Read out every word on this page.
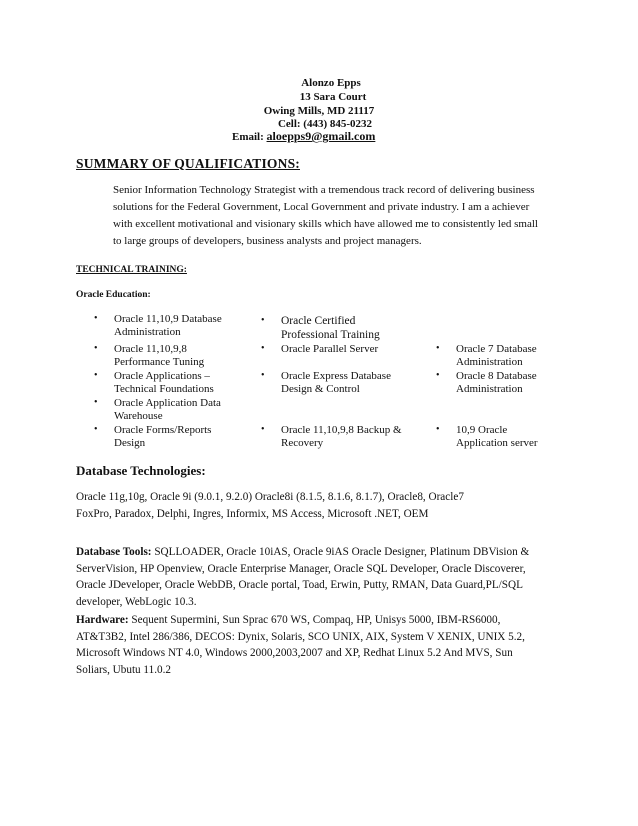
Alonzo Epps
13 Sara Court
Owing Mills, MD 21117
Cell: (443) 845-0232
Email: aloepps9@gmail.com
SUMMARY OF QUALIFICATIONS:
Senior Information Technology Strategist with a tremendous track record of delivering business
solutions for the Federal Government, Local Government and private industry. I am a achiever
with excellent motivational and visionary skills which have allowed me to consistently led small
to large groups of developers, business analysts and project managers.
TECHNICAL TRAINING:
Oracle Education:
• Oracle 11,10,9 Database
Administration
• Oracle 11,10,9,8
Performance Tuning
• Oracle Applications –
Technical Foundations
• Oracle Application Data
Warehouse
• Oracle Forms/Reports
Design
• Oracle Certified
Professional Training
• Oracle Parallel Server
• Oracle Express Database
Design & Control
• Oracle 11,10,9,8 Backup &
Recovery
• Oracle 7 Database
Administration
• Oracle 8 Database
Administration
• 10,9 Oracle
Application server
Database Technologies:
Oracle 11g,10g, Oracle 9i (9.0.1, 9.2.0) Oracle8i (8.1.5, 8.1.6, 8.1.7), Oracle8, Oracle7
FoxPro, Paradox, Delphi, Ingres, Informix, MS Access, Microsoft .NET, OEM
Database Tools: SQLLOADER, Oracle 10iAS, Oracle 9iAS Oracle Designer, Platinum DBVision &
ServerVision, HP Openview, Oracle Enterprise Manager, Oracle SQL Developer, Oracle Discoverer,
Oracle JDeveloper, Oracle WebDB, Oracle portal, Toad, Erwin, Putty, RMAN, Data Guard,PL/SQL
developer, WebLogic 10.3.
Hardware: Sequent Supermini, Sun Sprac 670 WS, Compaq, HP, Unisys 5000, IBM-RS6000,
AT&T3B2, Intel 286/386, DECOS: Dynix, Solaris, SCO UNIX, AIX, System V XENIX, UNIX 5.2,
Microsoft Windows NT 4.0, Windows 2000,2003,2007 and XP, Redhat Linux 5.2 And MVS, Sun
Soliars, Ubutu 11.0.2
